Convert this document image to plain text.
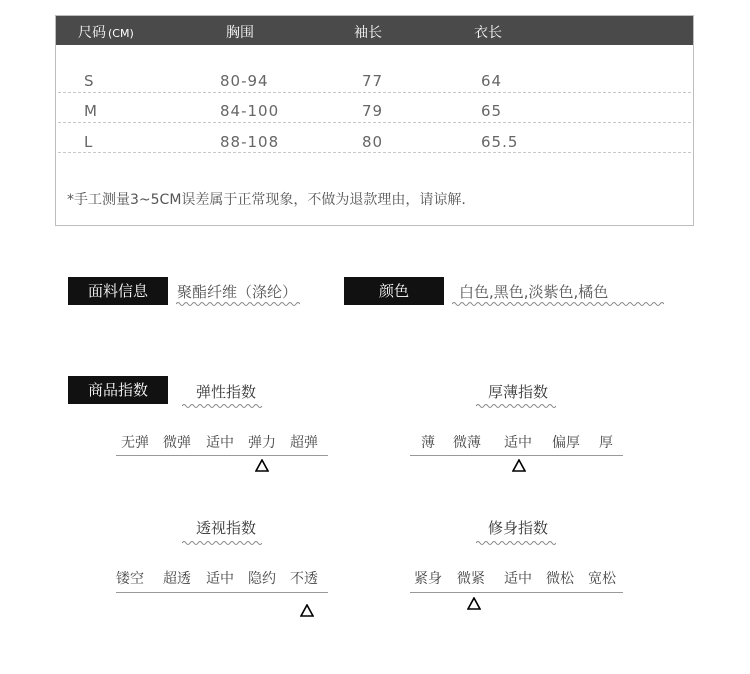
尺码 (CM)	胸围	袖长	衣长
S	80-94	77	64
M	84-100	79	65
L	88-108	80	65.5
*手工测量3~5CM误差属于正常现象，不做为退款理由，请谅解.
面料信息	聚酯纤维（涤纶）	颜色	白色,黑色,淡紫色,橘色
商品指数	弹性指数
无弹 微弹 适中 弹力 超弹
厚薄指数
薄 微薄 适中 偏厚 厚
透视指数
镂空 超透 适中 隐约 不透
修身指数
紧身 微紧 适中 微松 宽松
